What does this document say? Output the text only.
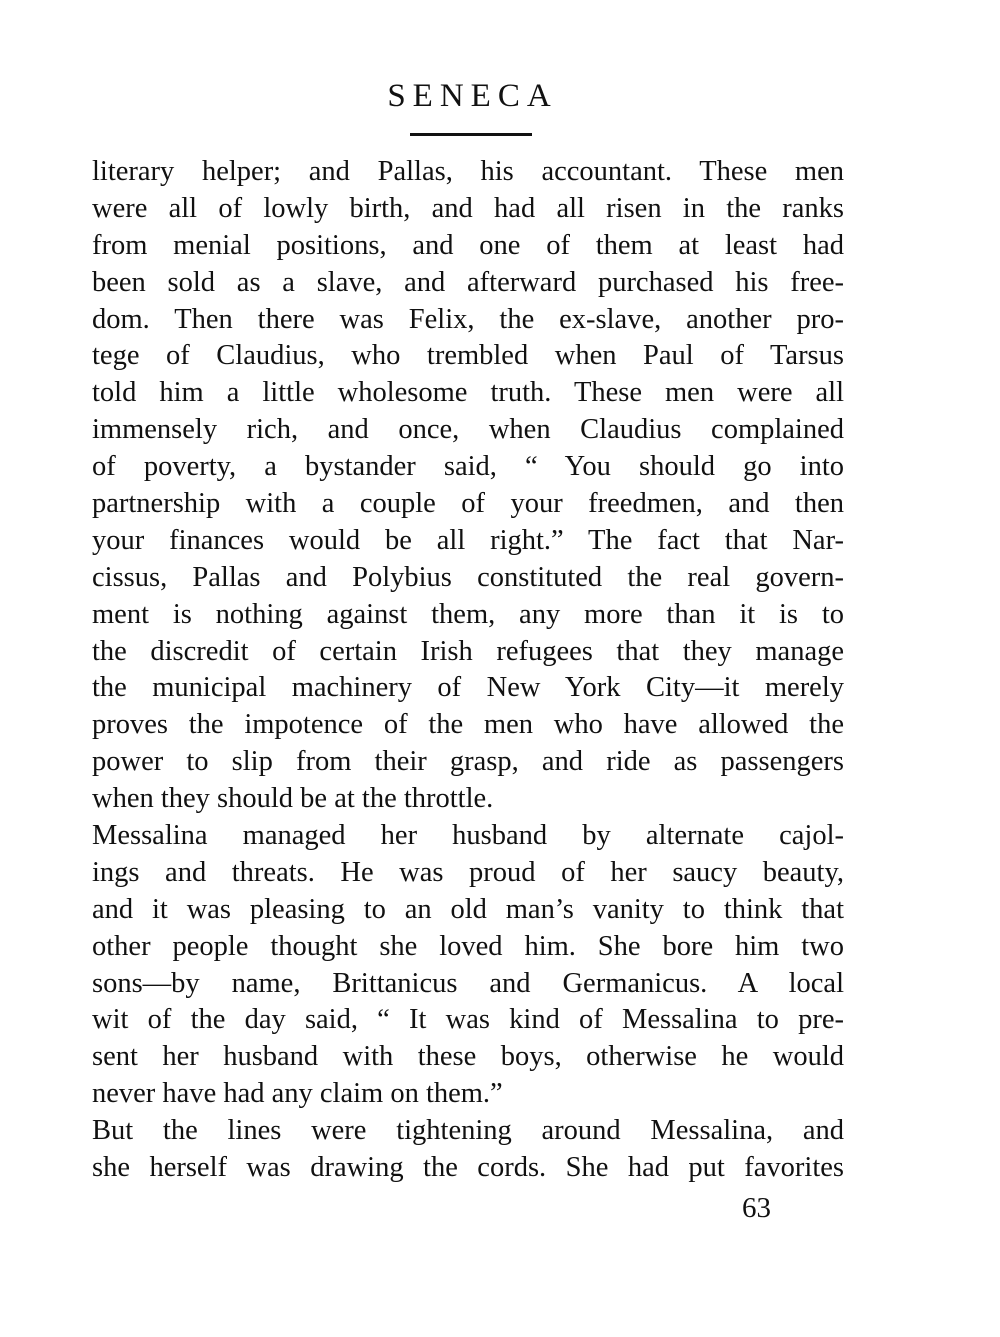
SENECA
literary helper; and Pallas, his accountant. These men
were all of lowly birth, and had all risen in the ranks
from menial positions, and one of them at least had
been sold as a slave, and afterward purchased his free-
dom. Then there was Felix, the ex-slave, another pro-
tege of Claudius, who trembled when Paul of Tarsus
told him a little wholesome truth. These men were all
immensely rich, and once, when Claudius complained
of poverty, a bystander said, “ You should go into
partnership with a couple of your freedmen, and then
your finances would be all right.” The fact that Nar-
cissus, Pallas and Polybius constituted the real govern-
ment is nothing against them, any more than it is to
the discredit of certain Irish refugees that they manage
the municipal machinery of New York City—it merely
proves the impotence of the men who have allowed the
power to slip from their grasp, and ride as passengers
when they should be at the throttle.
Messalina managed her husband by alternate cajol-
ings and threats. He was proud of her saucy beauty,
and it was pleasing to an old man’s vanity to think that
other people thought she loved him. She bore him two
sons—by name, Brittanicus and Germanicus. A local
wit of the day said, “ It was kind of Messalina to pre-
sent her husband with these boys, otherwise he would
never have had any claim on them.”
But the lines were tightening around Messalina, and
she herself was drawing the cords. She had put favorites
63
